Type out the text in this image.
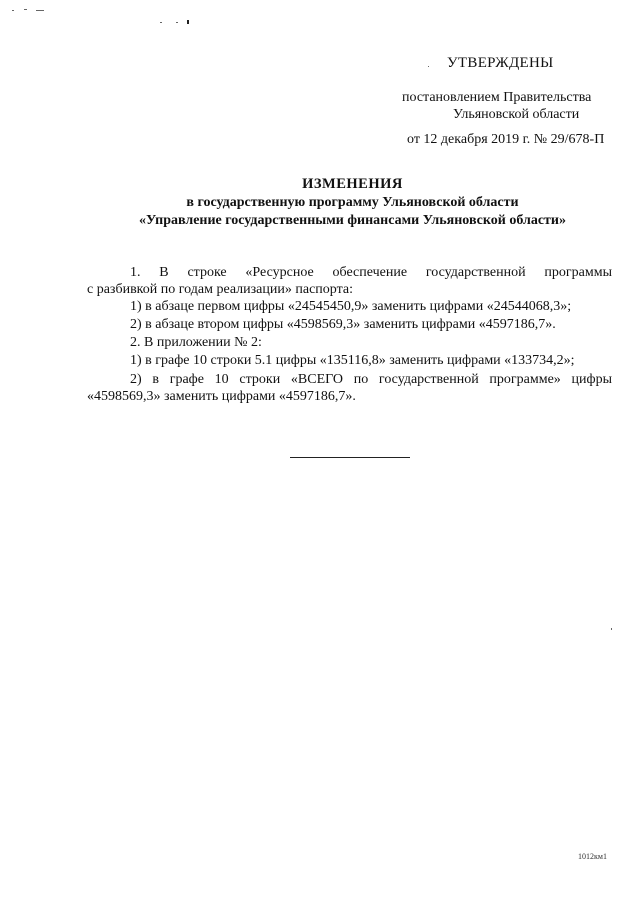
УТВЕРЖДЕНЫ
постановлением Правительства
Ульяновской области
от 12 декабря 2019 г. № 29/678-П
ИЗМЕНЕНИЯ
в государственную программу Ульяновской области
«Управление государственными финансами Ульяновской области»
1. В строке «Ресурсное обеспечение государственной программы
с разбивкой по годам реализации» паспорта:
1) в абзаце первом цифры «24545450,9» заменить цифрами «24544068,3»;
2) в абзаце втором цифры «4598569,3» заменить цифрами «4597186,7».
2. В приложении № 2:
1) в графе 10 строки 5.1 цифры «135116,8» заменить цифрами «133734,2»;
2) в графе 10 строки «ВСЕГО по государственной программе» цифры
«4598569,3» заменить цифрами «4597186,7».
1012км1
